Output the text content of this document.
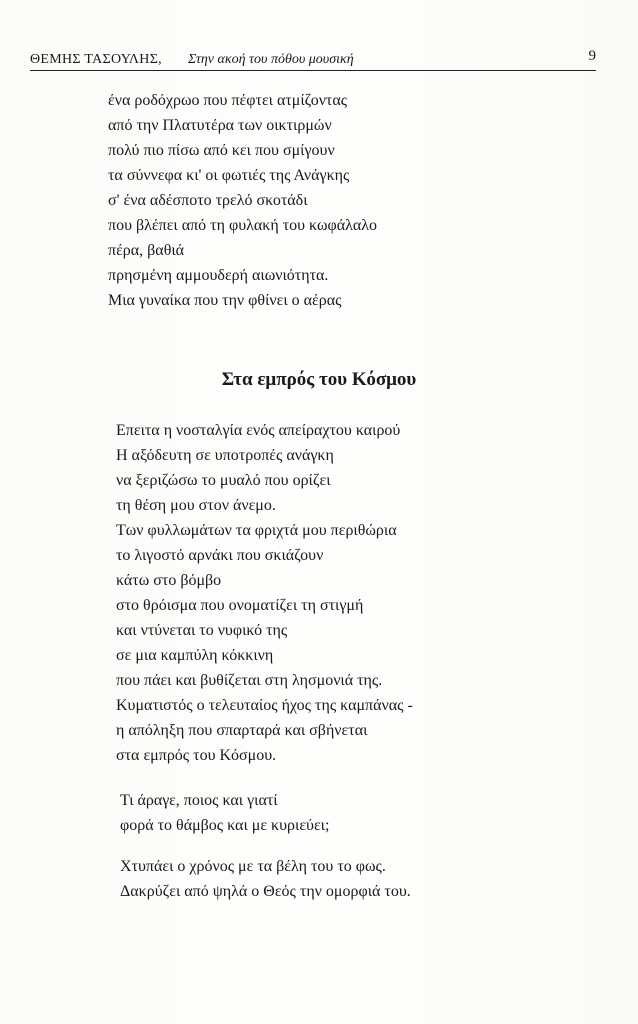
ΘΕΜΗΣ ΤΑΣΟΥΛΗΣ, Στην ακοή του πόθου μουσική	9
ένα ροδόχρωο που πέφτει ατμίζοντας
από την Πλατυτέρα των οικτιρμών
πολύ πιο πίσω από κει που σμίγουν
τα σύννεφα κι' οι φωτιές της Ανάγκης
σ' ένα αδέσποτο τρελό σκοτάδι
που βλέπει από τη φυλακή του κωφάλαλο
πέρα, βαθιά
πρησμένη αμμουδερή αιωνιότητα.
Μια γυναίκα που την φθίνει ο αέρας
Στα εμπρός του Κόσμου
Επειτα η νοσταλγία ενός απείραχτου καιρού
Η αξόδευτη σε υποτροπές ανάγκη
να ξεριζώσω το μυαλό που ορίζει
τη θέση μου στον άνεμο.
Των φυλλωμάτων τα φριχτά μου περιθώρια
το λιγοστό αρνάκι που σκιάζουν
κάτω στο βόμβο
στο θρόισμα που ονοματίζει τη στιγμή
και ντύνεται το νυφικό της
σε μια καμπύλη κόκκινη
που πάει και βυθίζεται στη λησμονιά της.
Κυματιστός ο τελευταίος ήχος της καμπάνας -
η απόληξη που σπαρταρά και σβήνεται
στα εμπρός του Κόσμου.
Τι άραγε, ποιος και γιατί
φορά το θάμβος και με κυριεύει;
Χτυπάει ο χρόνος με τα βέλη του το φως.
Δακρύζει από ψηλά ο Θεός την ομορφιά του.
